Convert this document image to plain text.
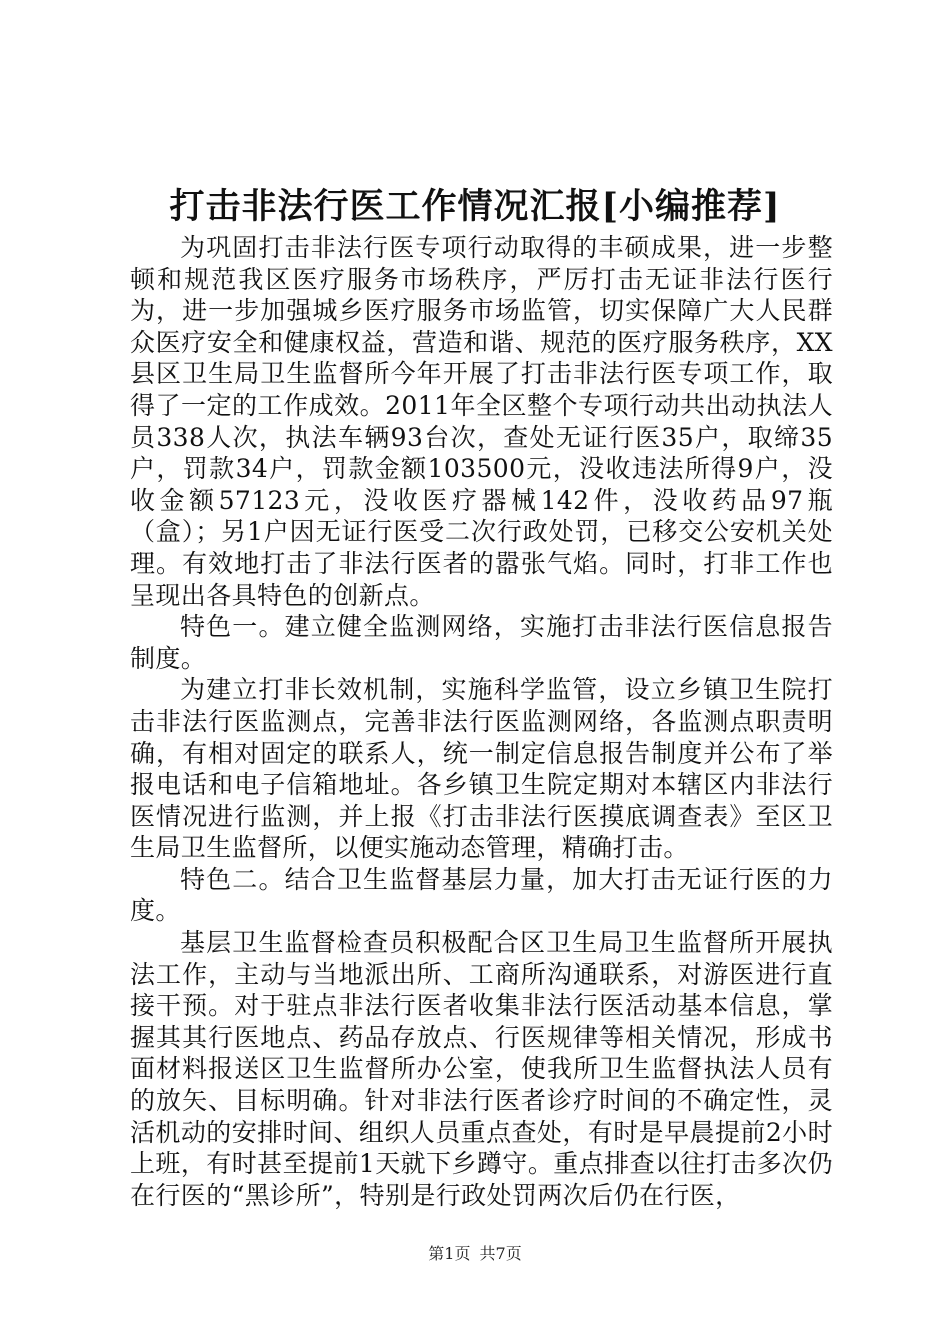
打击非法行医工作情况汇报[小编推荐]

为巩固打击非法行医专项行动取得的丰硕成果，进一步整顿和规范我区医疗服务市场秩序，严厉打击无证非法行医行为，进一步加强城乡医疗服务市场监管，切实保障广大人民群众医疗安全和健康权益，营造和谐、规范的医疗服务秩序，XX县区卫生局卫生监督所今年开展了打击非法行医专项工作，取得了一定的工作成效。2011年全区整个专项行动共出动执法人员338人次，执法车辆93台次，查处无证行医35户，取缔35户，罚款34户，罚款金额103500元，没收违法所得9户，没收金额57123元，没收医疗器械142件，没收药品97瓶（盒）；另1户因无证行医受二次行政处罚，已移交公安机关处理。有效地打击了非法行医者的嚣张气焰。同时，打非工作也呈现出各具特色的创新点。

特色一。建立健全监测网络，实施打击非法行医信息报告制度。

为建立打非长效机制，实施科学监管，设立乡镇卫生院打击非法行医监测点，完善非法行医监测网络，各监测点职责明确，有相对固定的联系人，统一制定信息报告制度并公布了举报电话和电子信箱地址。各乡镇卫生院定期对本辖区内非法行医情况进行监测，并上报《打击非法行医摸底调查表》至区卫生局卫生监督所，以便实施动态管理，精确打击。

特色二。结合卫生监督基层力量，加大打击无证行医的力度。

基层卫生监督检查员积极配合区卫生局卫生监督所开展执法工作，主动与当地派出所、工商所沟通联系，对游医进行直接干预。对于驻点非法行医者收集非法行医活动基本信息，掌握其其行医地点、药品存放点、行医规律等相关情况，形成书面材料报送区卫生监督所办公室，使我所卫生监督执法人员有的放矢、目标明确。针对非法行医者诊疗时间的不确定性，灵活机动的安排时间、组织人员重点查处，有时是早晨提前2小时上班，有时甚至提前1天就下乡蹲守。重点排查以往打击多次仍在行医的“黑诊所”，特别是行政处罚两次后仍在行医，

第1页 共7页
